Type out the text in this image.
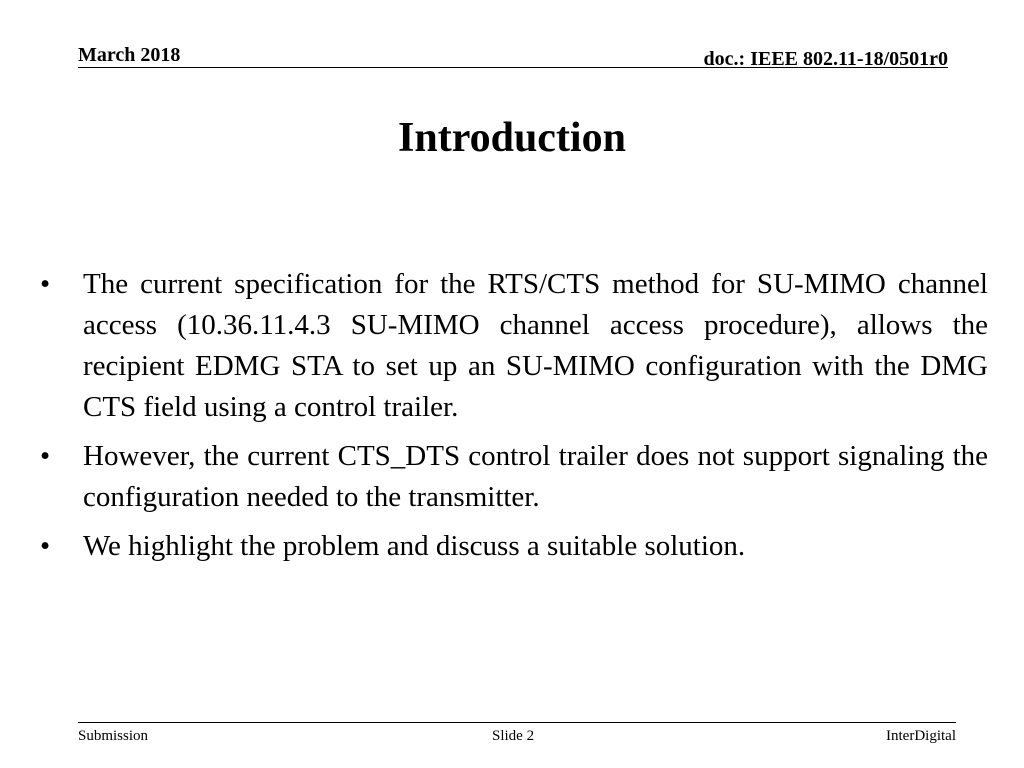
March 2018	doc.: IEEE 802.11-18/0501r0
Introduction
•	The current specification for the RTS/CTS method for SU-MIMO channel access (10.36.11.4.3 SU-MIMO channel access procedure), allows the recipient EDMG STA to set up an SU-MIMO configuration with the DMG CTS field using a control trailer.
•	However, the current CTS_DTS control trailer does not support signaling the configuration needed to the transmitter.
•	We highlight the problem and discuss a suitable solution.
Submission	Slide 2	InterDigital
